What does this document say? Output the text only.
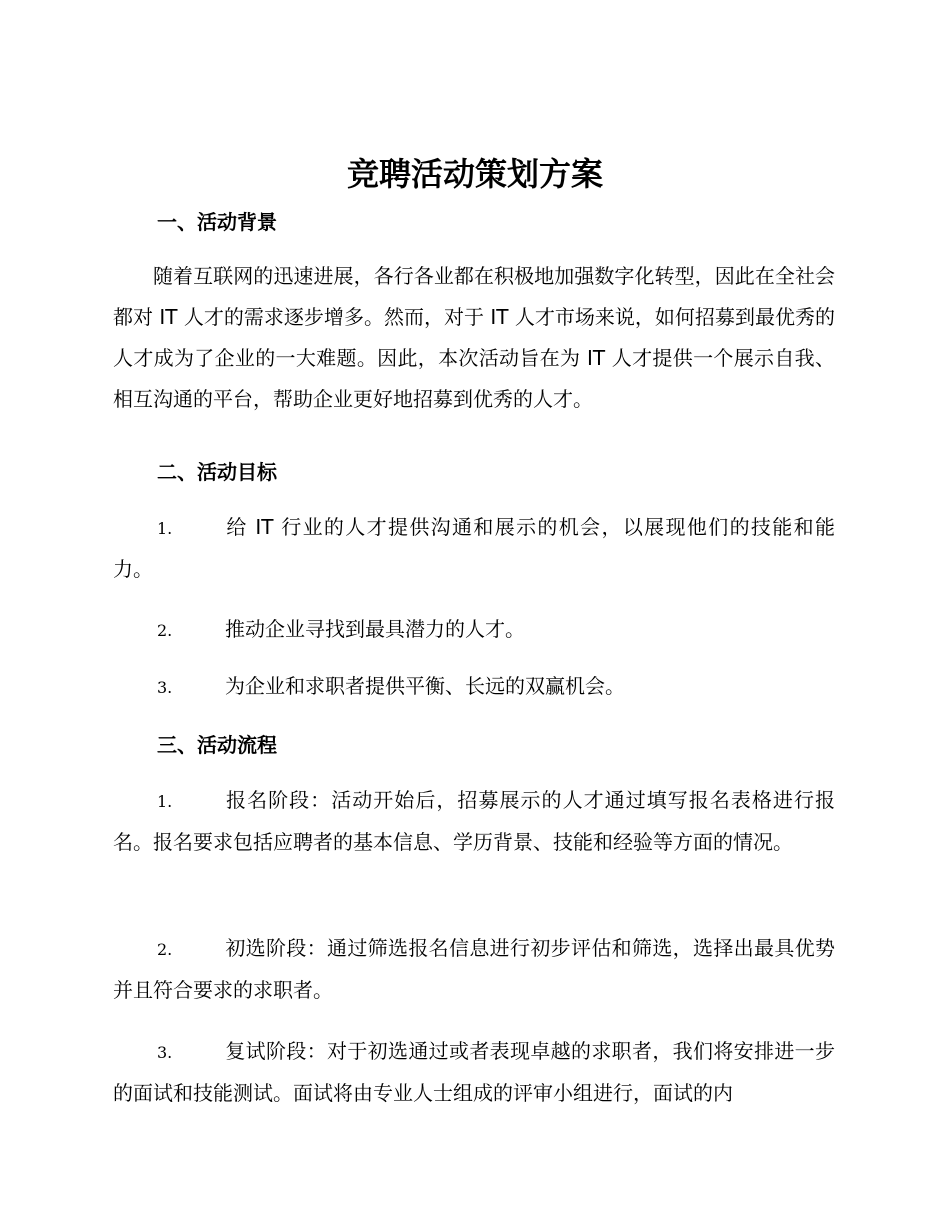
竞聘活动策划方案
一、活动背景

随着互联网的迅速进展，各行各业都在积极地加强数字化转型，因此在全社会都对 IT 人才的需求逐步增多。然而，对于 IT 人才市场来说，如何招募到最优秀的人才成为了企业的一大难题。因此，本次活动旨在为 IT 人才提供一个展示自我、相互沟通的平台，帮助企业更好地招募到优秀的人才。

二、活动目标

1.	给 IT 行业的人才提供沟通和展示的机会，以展现他们的技能和能力。

2.	推动企业寻找到最具潜力的人才。

3.	为企业和求职者提供平衡、长远的双赢机会。

三、活动流程

1.	报名阶段：活动开始后，招募展示的人才通过填写报名表格进行报名。报名要求包括应聘者的基本信息、学历背景、技能和经验等方面的情况。

2.	初选阶段：通过筛选报名信息进行初步评估和筛选，选择出最具优势并且符合要求的求职者。

3.	复试阶段：对于初选通过或者表现卓越的求职者，我们将安排进一步的面试和技能测试。面试将由专业人士组成的评审小组进行，面试的内
